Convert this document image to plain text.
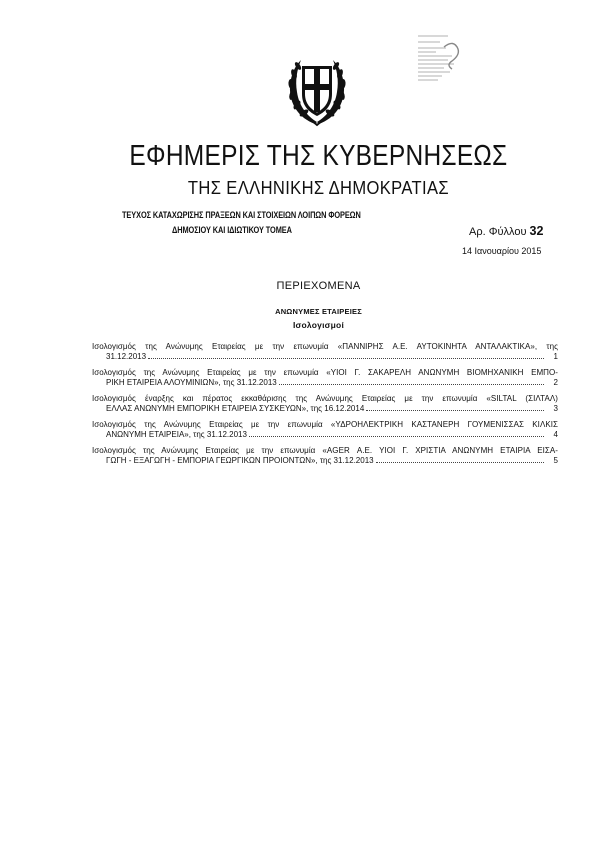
ΕΦΗΜΕΡΙΣ ΤΗΣ ΚΥΒΕΡΝΗΣΕΩΣ
ΤΗΣ ΕΛΛΗΝΙΚΗΣ ΔΗΜΟΚΡΑΤΙΑΣ
ΤΕΥΧΟΣ ΚΑΤΑΧΩΡΙΣΗΣ ΠΡΑΞΕΩΝ ΚΑΙ ΣΤΟΙΧΕΙΩΝ ΛΟΙΠΩΝ ΦΟΡΕΩΝ
ΔΗΜΟΣΙΟΥ ΚΑΙ ΙΔΙΩΤΙΚΟΥ ΤΟΜΕΑ	Αρ. Φύλλου 32
14 Ιανουαρίου 2015
ΠΕΡΙΕΧΟΜΕΝΑ
ΑΝΩΝΥΜΕΣ ΕΤΑΙΡΕΙΕΣ
Ισολογισμοί
Ισολογισμός της Ανώνυμης Εταιρείας με την επωνυμία «ΠΑΝΝΙΡΗΣ Α.Ε. ΑΥΤΟΚΙΝΗΤΑ ΑΝΤΑΛΑΚΤΙΚΑ», της
31.12.2013	1
Ισολογισμός της Ανώνυμης Εταιρείας με την επωνυμία «ΥΙΟΙ Γ. ΣΑΚΑΡΕΛΗ ΑΝΩΝΥΜΗ ΒΙΟΜΗΧΑΝΙΚΗ ΕΜΠΟ-
ΡΙΚΗ ΕΤΑΙΡΕΙΑ ΑΛΟΥΜΙΝΙΩΝ», της 31.12.2013	2
Ισολογισμός έναρξης και πέρατος εκκαθάρισης της Ανώνυμης Εταιρείας με την επωνυμία «SILTAL (ΣΙΛΤΑΛ)
ΕΛΛΑΣ ΑΝΩΝΥΜΗ ΕΜΠΟΡΙΚΗ ΕΤΑΙΡΕΙΑ ΣΥΣΚΕΥΩΝ», της 16.12.2014	3
Ισολογισμός της Ανώνυμης Εταιρείας με την επωνυμία «ΥΔΡΟΗΛΕΚΤΡΙΚΗ ΚΑΣΤΑΝΕΡΗ ΓΟΥΜΕΝΙΣΣΑΣ ΚΙΛΚΙΣ
ΑΝΩΝΥΜΗ ΕΤΑΙΡΕΙΑ», της 31.12.2013	4
Ισολογισμός της Ανώνυμης Εταιρείας με την επωνυμία «AGER Α.Ε. ΥΙΟΙ Γ. ΧΡΙΣΤΙΑ ΑΝΩΝΥΜΗ ΕΤΑΙΡΙΑ ΕΙΣΑ-
ΓΩΓΗ - ΕΞΑΓΩΓΗ - ΕΜΠΟΡΙΑ ΓΕΩΡΓΙΚΩΝ ΠΡΟΙΟΝΤΩΝ», της 31.12.2013	5
